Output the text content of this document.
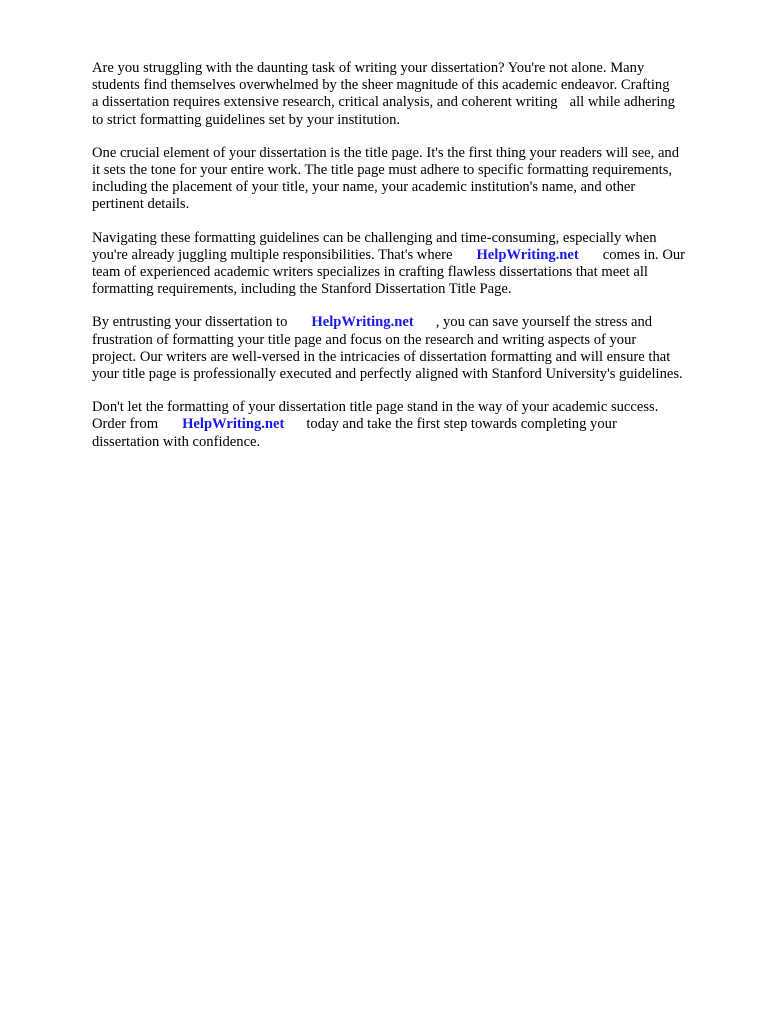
Are you struggling with the daunting task of writing your dissertation? You're not alone. Many
students find themselves overwhelmed by the sheer magnitude of this academic endeavor. Crafting
a dissertation requires extensive research, critical analysis, and coherent writing all while adhering
to strict formatting guidelines set by your institution.

One crucial element of your dissertation is the title page. It's the first thing your readers will see, and
it sets the tone for your entire work. The title page must adhere to specific formatting requirements,
including the placement of your title, your name, your academic institution's name, and other
pertinent details.

Navigating these formatting guidelines can be challenging and time-consuming, especially when
you're already juggling multiple responsibilities. That's where HelpWriting.net comes in. Our
team of experienced academic writers specializes in crafting flawless dissertations that meet all
formatting requirements, including the Stanford Dissertation Title Page.

By entrusting your dissertation to HelpWriting.net , you can save yourself the stress and
frustration of formatting your title page and focus on the research and writing aspects of your
project. Our writers are well-versed in the intricacies of dissertation formatting and will ensure that
your title page is professionally executed and perfectly aligned with Stanford University's guidelines.

Don't let the formatting of your dissertation title page stand in the way of your academic success.
Order from HelpWriting.net today and take the first step towards completing your
dissertation with confidence.
